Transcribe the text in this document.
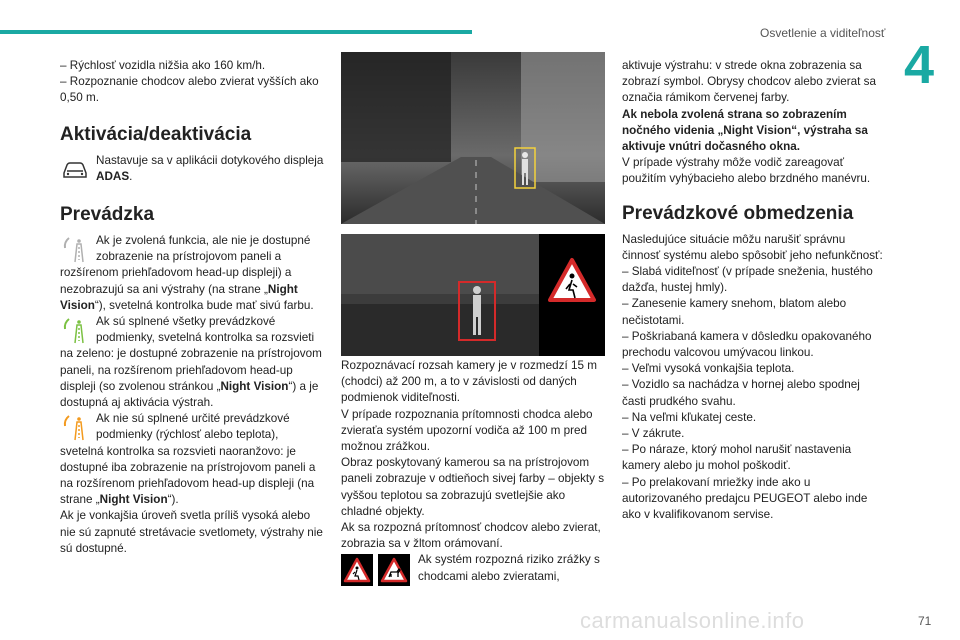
Osvetlenie a viditeľnosť
4

– Rýchlosť vozidla nižšia ako 160 km/h.

– Rozpoznanie chodcov alebo zvierat vyšších ako 0,50 m.

Aktivácia/deaktivácia
Nastavuje sa v aplikácii dotykového displeja ADAS.
Prevádzka
Ak je zvolená funkcia, ale nie je dostupné zobrazenie na prístrojovom paneli a rozšírenom priehľadovom head-up displeji) a nezobrazujú sa ani výstrahy (na strane „Night Vision“), svetelná kontrolka bude mať sivú farbu.
Ak sú splnené všetky prevádzkové podmienky, svetelná kontrolka sa rozsvieti na zeleno: je dostupné zobrazenie na prístrojovom paneli, na rozšírenom priehľadovom head-up displeji (so zvolenou stránkou „Night Vision“) a je dostupná aj aktivácia výstrah.
Ak nie sú splnené určité prevádzkové podmienky (rýchlosť alebo teplota), svetelná kontrolka sa rozsvieti naoranžovo: je dostupné iba zobrazenie na prístrojovom paneli a na rozšírenom priehľadovom head-up displeji (na strane „Night Vision“).

Ak je vonkajšia úroveň svetla príliš vysoká alebo nie sú zapnuté stretávacie svetlomety, výstrahy nie sú dostupné.

Rozpoznávací rozsah kamery je v rozmedzí 15 m (chodci) až 200 m, a to v závislosti od daných podmienok viditeľnosti.

V prípade rozpoznania prítomnosti chodca alebo zvieraťa systém upozorní vodiča až 100 m pred možnou zrážkou.

Obraz poskytovaný kamerou sa na prístrojovom paneli zobrazuje v odtieňoch sivej farby – objekty s vyššou teplotou sa zobrazujú svetlejšie ako chladné objekty.

Ak sa rozpozná prítomnosť chodcov alebo zvierat, zobrazia sa v žltom orámovaní.

Ak systém rozpozná riziko zrážky s chodcami alebo zvieratami,

aktivuje výstrahu: v strede okna zobrazenia sa zobrazí symbol. Obrysy chodcov alebo zvierat sa označia rámikom červenej farby.

Ak nebola zvolená strana so zobrazením nočného videnia „Night Vision“, výstraha sa aktivuje vnútri dočasného okna.

V prípade výstrahy môže vodič zareagovať použitím vyhýbacieho alebo brzdného manévru.

Prevádzkové obmedzenia

Nasledujúce situácie môžu narušiť správnu činnosť systému alebo spôsobiť jeho nefunkčnosť:

– Slabá viditeľnosť (v prípade sneženia, hustého dažďa, hustej hmly).

– Zanesenie kamery snehom, blatom alebo nečistotami.

– Poškriabaná kamera v dôsledku opakovaného prechodu valcovou umývacou linkou.

– Veľmi vysoká vonkajšia teplota.

– Vozidlo sa nachádza v hornej alebo spodnej časti prudkého svahu.

– Na veľmi kľukatej ceste.

– V zákrute.

– Po náraze, ktorý mohol narušiť nastavenia kamery alebo ju mohol poškodiť.

– Po prelakovaní mriežky inde ako u autorizovaného predajcu PEUGEOT alebo inde ako v kvalifikovanom servise.

carmanualsonline.info	71
